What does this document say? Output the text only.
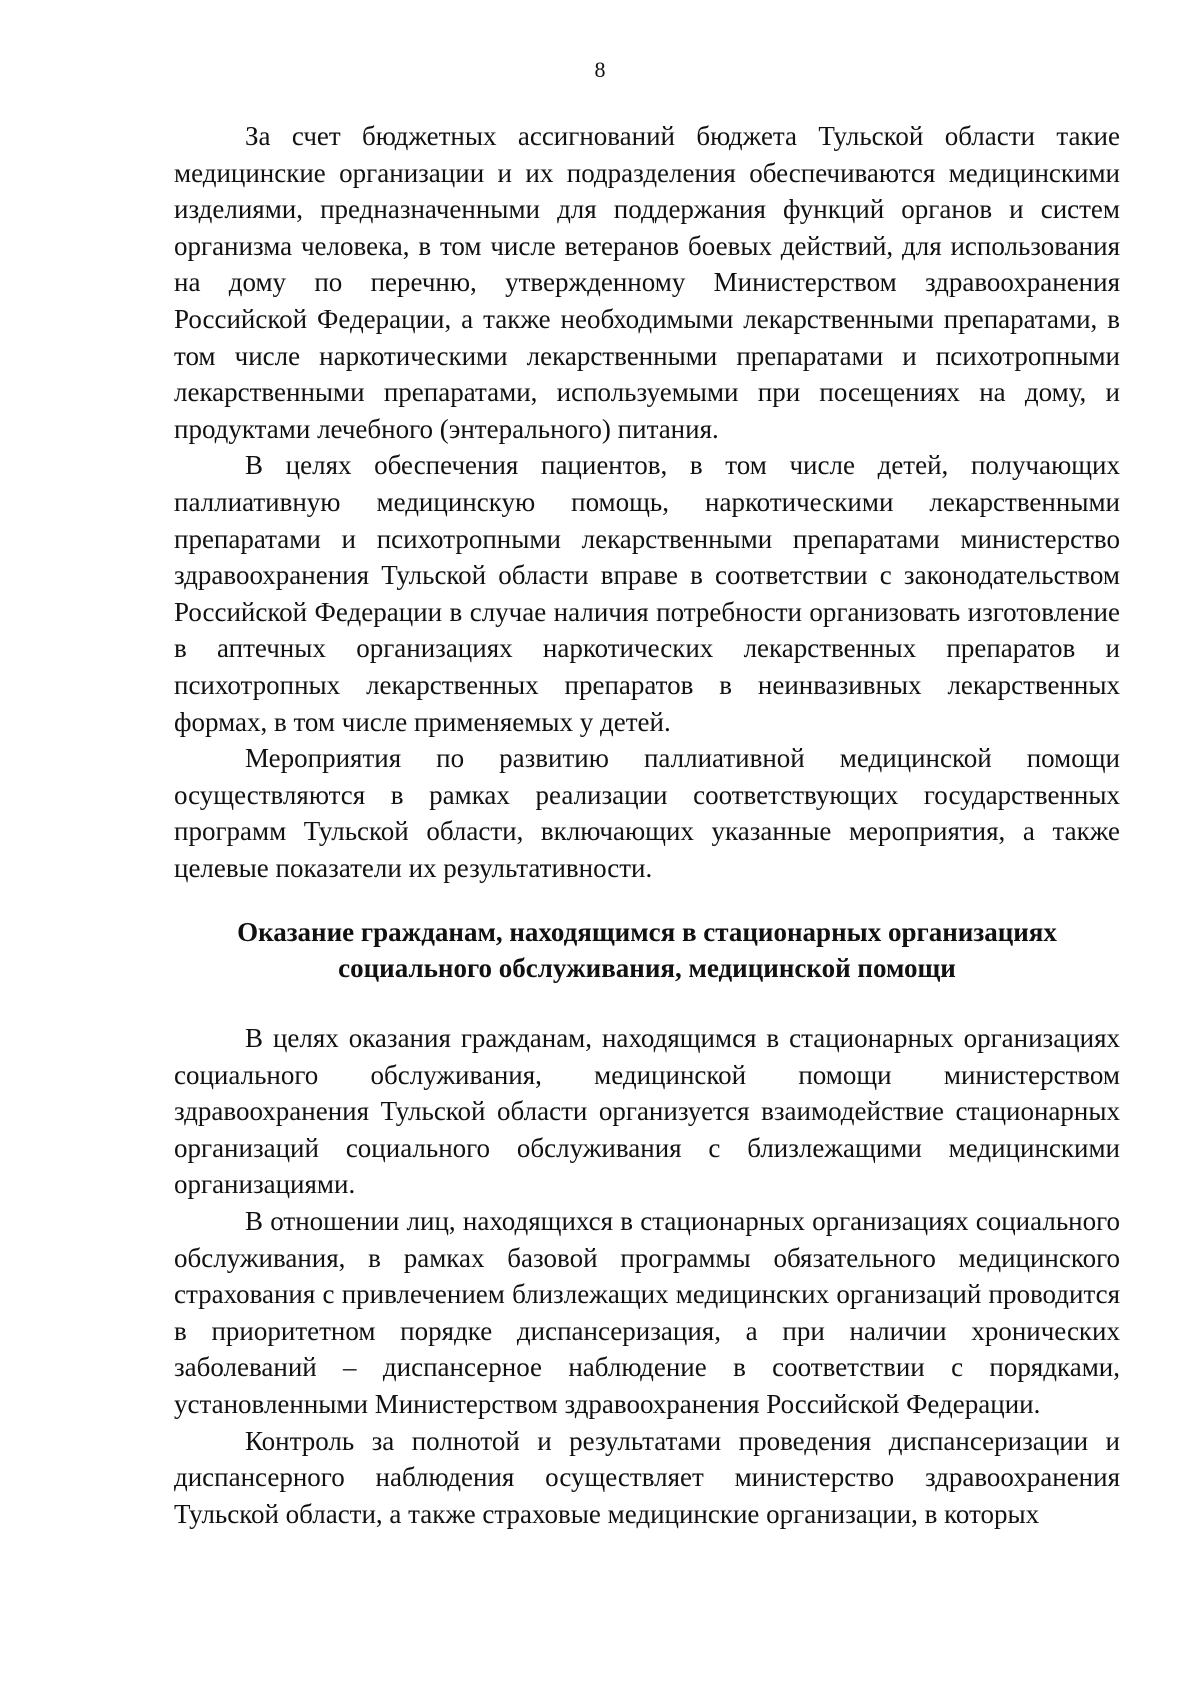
8

За счет бюджетных ассигнований бюджета Тульской области такие медицинские организации и их подразделения обеспечиваются медицинскими изделиями, предназначенными для поддержания функций органов и систем организма человека, в том числе ветеранов боевых действий, для использования на дому по перечню, утвержденному Министерством здравоохранения Российской Федерации, а также необходимыми лекарственными препаратами, в том числе наркотическими лекарственными препаратами и психотропными лекарственными препаратами, используемыми при посещениях на дому, и продуктами лечебного (энтерального) питания.

В целях обеспечения пациентов, в том числе детей, получающих паллиативную медицинскую помощь, наркотическими лекарственными препаратами и психотропными лекарственными препаратами министерство здравоохранения Тульской области вправе в соответствии с законодательством Российской Федерации в случае наличия потребности организовать изготовление в аптечных организациях наркотических лекарственных препаратов и психотропных лекарственных препаратов в неинвазивных лекарственных формах, в том числе применяемых у детей.

Мероприятия по развитию паллиативной медицинской помощи осуществляются в рамках реализации соответствующих государственных программ Тульской области, включающих указанные мероприятия, а также целевые показатели их результативности.

Оказание гражданам, находящимся в стационарных организациях
социального обслуживания, медицинской помощи

В целях оказания гражданам, находящимся в стационарных организациях социального обслуживания, медицинской помощи министерством здравоохранения Тульской области организуется взаимодействие стационарных организаций социального обслуживания с близлежащими медицинскими организациями.

В отношении лиц, находящихся в стационарных организациях социального обслуживания, в рамках базовой программы обязательного медицинского страхования с привлечением близлежащих медицинских организаций проводится в приоритетном порядке диспансеризация, а при наличии хронических заболеваний – диспансерное наблюдение в соответствии с порядками, установленными Министерством здравоохранения Российской Федерации.

Контроль за полнотой и результатами проведения диспансеризации и диспансерного наблюдения осуществляет министерство здравоохранения Тульской области, а также страховые медицинские организации, в которых
